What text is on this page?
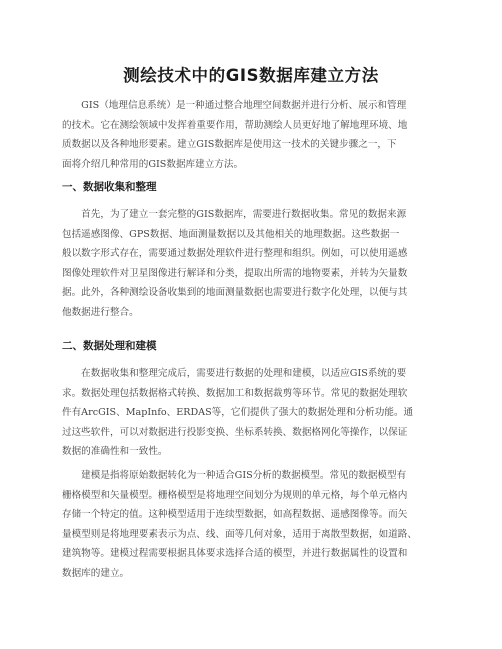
测绘技术中的GIS数据库建立方法
　　GIS（地理信息系统）是一种通过整合地理空间数据并进行分析、展示和管理
的技术。它在测绘领域中发挥着重要作用，帮助测绘人员更好地了解地理环境、地
质数据以及各种地形要素。建立GIS数据库是使用这一技术的关键步骤之一，下
面将介绍几种常用的GIS数据库建立方法。
一、数据收集和整理
　　首先，为了建立一套完整的GIS数据库，需要进行数据收集。常见的数据来源
包括遥感图像、GPS数据、地面测量数据以及其他相关的地理数据。这些数据一
般以数字形式存在，需要通过数据处理软件进行整理和组织。例如，可以使用遥感
图像处理软件对卫星图像进行解译和分类，提取出所需的地物要素，并转为矢量数
据。此外，各种测绘设备收集到的地面测量数据也需要进行数字化处理，以便与其
他数据进行整合。
二、数据处理和建模
　　在数据收集和整理完成后，需要进行数据的处理和建模，以适应GIS系统的要
求。数据处理包括数据格式转换、数据加工和数据裁剪等环节。常见的数据处理软
件有ArcGIS、MapInfo、ERDAS等，它们提供了强大的数据处理和分析功能。通
过这些软件，可以对数据进行投影变换、坐标系转换、数据格网化等操作，以保证
数据的准确性和一致性。
　　建模是指将原始数据转化为一种适合GIS分析的数据模型。常见的数据模型有
栅格模型和矢量模型。栅格模型是将地理空间划分为规则的单元格，每个单元格内
存储一个特定的值。这种模型适用于连续型数据，如高程数据、遥感图像等。而矢
量模型则是将地理要素表示为点、线、面等几何对象，适用于离散型数据，如道路、
建筑物等。建模过程需要根据具体要求选择合适的模型，并进行数据属性的设置和
数据库的建立。
